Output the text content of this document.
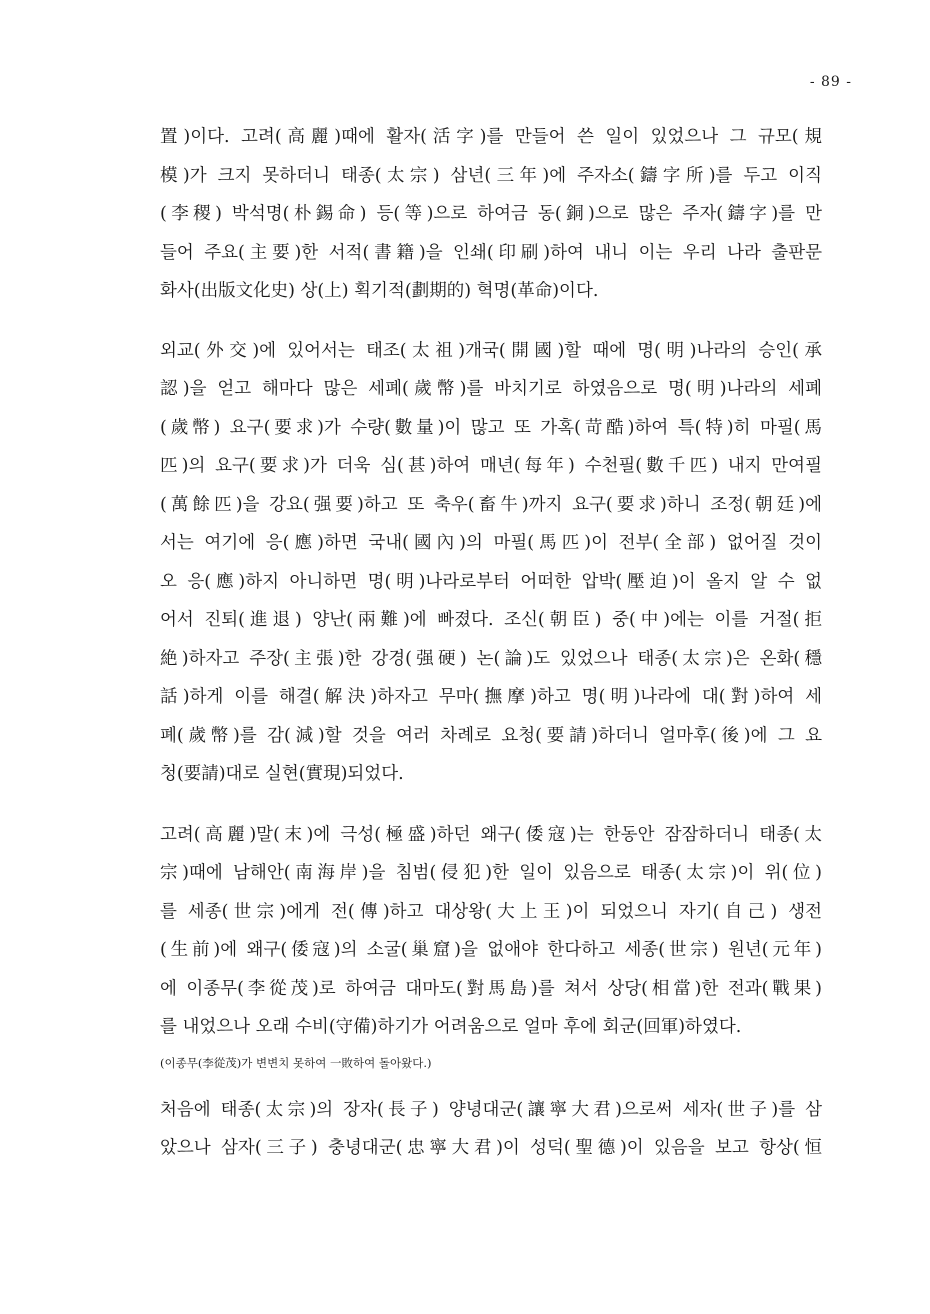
- 89 -
置)이다. 고려(高麗)때에 활자(活字)를 만들어 쓴 일이 있었으나 그 규모(規
模)가 크지 못하더니 태종(太宗) 삼년(三年)에 주자소(鑄字所)를 두고 이직
(李稷) 박석명(朴錫命) 등(等)으로 하여금 동(銅)으로 많은 주자(鑄字)를 만
들어 주요(主要)한 서적(書籍)을 인쇄(印刷)하여 내니 이는 우리 나라 출판문
화사(出版文化史) 상(上) 획기적(劃期的) 혁명(革命)이다.
외교(外交)에 있어서는 태조(太祖)개국(開國)할 때에 명(明)나라의 승인(承
認)을 얻고 해마다 많은 세폐(歲幣)를 바치기로 하였음으로 명(明)나라의 세폐
(歲幣) 요구(要求)가 수량(數量)이 많고 또 가혹(苛酷)하여 특(特)히 마필(馬
匹)의 요구(要求)가 더욱 심(甚)하여 매년(每年) 수천필(數千匹) 내지 만여필
(萬餘匹)을 강요(强要)하고 또 축우(畜牛)까지 요구(要求)하니 조정(朝廷)에
서는 여기에 응(應)하면 국내(國內)의 마필(馬匹)이 전부(全部) 없어질 것이
오 응(應)하지 아니하면 명(明)나라로부터 어떠한 압박(壓迫)이 올지 알 수 없
어서 진퇴(進退) 양난(兩難)에 빠졌다. 조신(朝臣) 중(中)에는 이를 거절(拒
絶)하자고 주장(主張)한 강경(强硬) 논(論)도 있었으나 태종(太宗)은 온화(穩
話)하게 이를 해결(解決)하자고 무마(撫摩)하고 명(明)나라에 대(對)하여 세
폐(歲幣)를 감(減)할 것을 여러 차례로 요청(要請)하더니 얼마후(後)에 그 요
청(要請)대로 실현(實現)되었다.
고려(高麗)말(末)에 극성(極盛)하던 왜구(倭寇)는 한동안 잠잠하더니 태종(太
宗)때에 남해안(南海岸)을 침범(侵犯)한 일이 있음으로 태종(太宗)이 위(位)
를 세종(世宗)에게 전(傳)하고 대상왕(大上王)이 되었으니 자기(自己) 생전
(生前)에 왜구(倭寇)의 소굴(巢窟)을 없애야 한다하고 세종(世宗) 원년(元年)
에 이종무(李從茂)로 하여금 대마도(對馬島)를 쳐서 상당(相當)한 전과(戰果)
를 내었으나 오래 수비(守備)하기가 어려움으로 얼마 후에 회군(回軍)하였다.
(이종무(李從茂)가 변변치 못하여 一敗하여 돌아왔다.)
처음에 태종(太宗)의 장자(長子) 양녕대군(讓寧大君)으로써 세자(世子)를 삼
았으나 삼자(三子) 충녕대군(忠寧大君)이 성덕(聖德)이 있음을 보고 항상(恒
